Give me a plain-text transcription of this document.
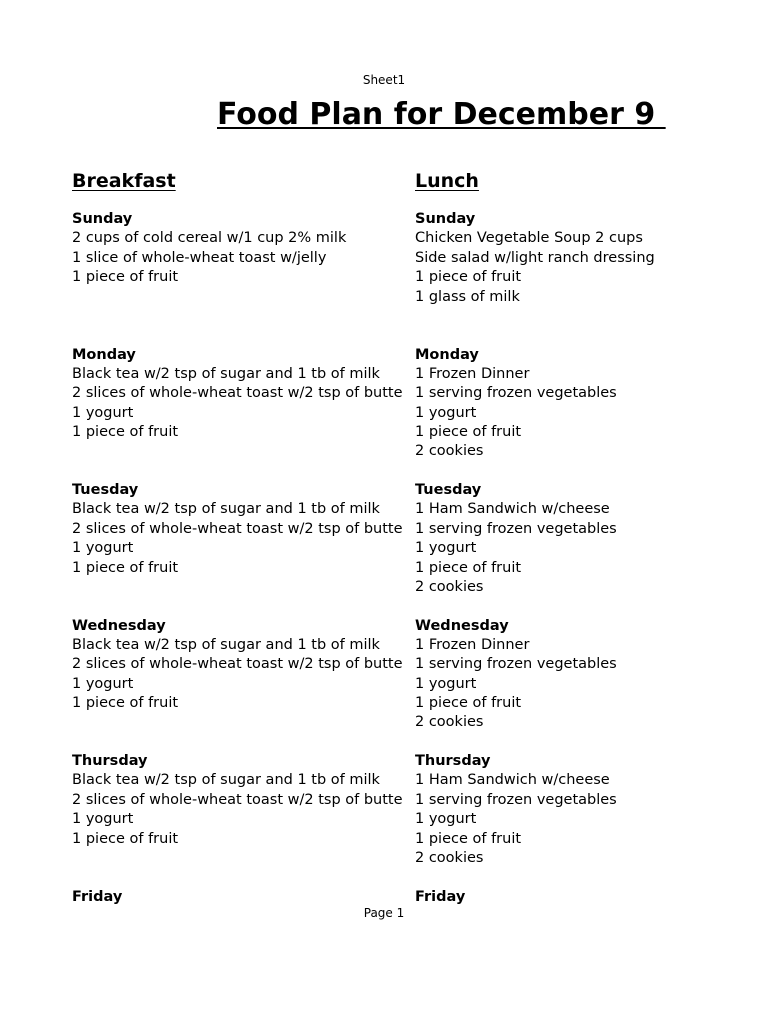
Sheet1
Food Plan for December 9
Breakfast
Sunday
2 cups of cold cereal w/1 cup 2% milk
1 slice of whole-wheat toast w/jelly
1 piece of fruit
Monday
Black tea w/2 tsp of sugar and 1 tb of milk
2 slices of whole-wheat toast w/2 tsp of butte
1 yogurt
1 piece of fruit
Tuesday
Black tea w/2 tsp of sugar and 1 tb of milk
2 slices of whole-wheat toast w/2 tsp of butte
1 yogurt
1 piece of fruit
Wednesday
Black tea w/2 tsp of sugar and 1 tb of milk
2 slices of whole-wheat toast w/2 tsp of butte
1 yogurt
1 piece of fruit
Thursday
Black tea w/2 tsp of sugar and 1 tb of milk
2 slices of whole-wheat toast w/2 tsp of butte
1 yogurt
1 piece of fruit
Friday
Lunch
Sunday
Chicken Vegetable Soup 2 cups
Side salad w/light ranch dressing
1 piece of fruit
1 glass of milk
Monday
1 Frozen Dinner
1 serving frozen vegetables
1 yogurt
1 piece of fruit
2 cookies
Tuesday
1 Ham Sandwich w/cheese
1 serving frozen vegetables
1 yogurt
1 piece of fruit
2 cookies
Wednesday
1 Frozen Dinner
1 serving frozen vegetables
1 yogurt
1 piece of fruit
2 cookies
Thursday
1 Ham Sandwich w/cheese
1 serving frozen vegetables
1 yogurt
1 piece of fruit
2 cookies
Friday
Page 1
